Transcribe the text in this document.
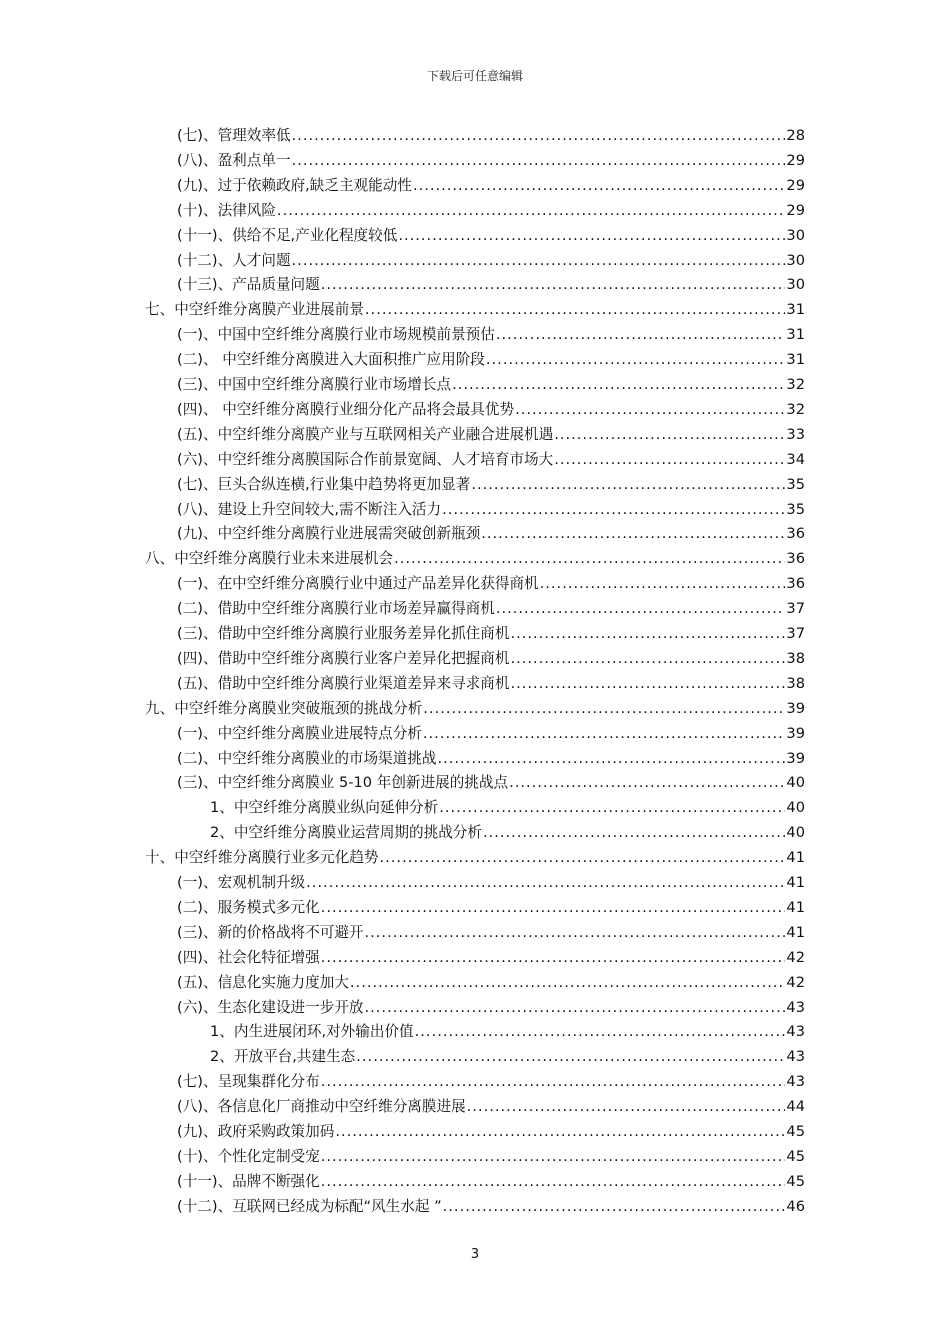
下载后可任意编辑
(七)、管理效率低 .....	28
(八)、盈利点单一 .....	29
(九)、过于依赖政府,缺乏主观能动性 .....	29
(十)、法律风险 .....	29
(十一)、供给不足,产业化程度较低 .....	30
(十二)、人才问题 .....	30
(十三)、产品质量问题 .....	30
七、中空纤维分离膜产业进展前景 .....	31
(一)、中国中空纤维分离膜行业市场规模前景预估 .....	31
(二)、 中空纤维分离膜进入大面积推广应用阶段 .....	31
(三)、中国中空纤维分离膜行业市场增长点 .....	32
(四)、 中空纤维分离膜行业细分化产品将会最具优势 .....	32
(五)、中空纤维分离膜产业与互联网相关产业融合进展机遇 .....	33
(六)、中空纤维分离膜国际合作前景宽阔、人才培育市场大 .....	34
(七)、巨头合纵连横,行业集中趋势将更加显著 .....	35
(八)、建设上升空间较大,需不断注入活力 .....	35
(九)、中空纤维分离膜行业进展需突破创新瓶颈 .....	36
八、中空纤维分离膜行业未来进展机会 .....	36
(一)、在中空纤维分离膜行业中通过产品差异化获得商机 .....	36
(二)、借助中空纤维分离膜行业市场差异赢得商机 .....	37
(三)、借助中空纤维分离膜行业服务差异化抓住商机 .....	37
(四)、借助中空纤维分离膜行业客户差异化把握商机 .....	38
(五)、借助中空纤维分离膜行业渠道差异来寻求商机 .....	38
九、中空纤维分离膜业突破瓶颈的挑战分析 .....	39
(一)、中空纤维分离膜业进展特点分析 .....	39
(二)、中空纤维分离膜业的市场渠道挑战 .....	39
(三)、中空纤维分离膜业 5-10 年创新进展的挑战点 .....	40
1、中空纤维分离膜业纵向延伸分析 .....	40
2、中空纤维分离膜业运营周期的挑战分析 .....	40
十、中空纤维分离膜行业多元化趋势 .....	41
(一)、宏观机制升级 .....	41
(二)、服务模式多元化 .....	41
(三)、新的价格战将不可避开 .....	41
(四)、社会化特征增强 .....	42
(五)、信息化实施力度加大 .....	42
(六)、生态化建设进一步开放 .....	43
1、内生进展闭环,对外输出价值 .....	43
2、开放平台,共建生态 .....	43
(七)、呈现集群化分布 .....	43
(八)、各信息化厂商推动中空纤维分离膜进展 .....	44
(九)、政府采购政策加码 .....	45
(十)、个性化定制受宠 .....	45
(十一)、品牌不断强化 .....	45
(十二)、互联网已经成为标配“风生水起 ” .....	46
3
